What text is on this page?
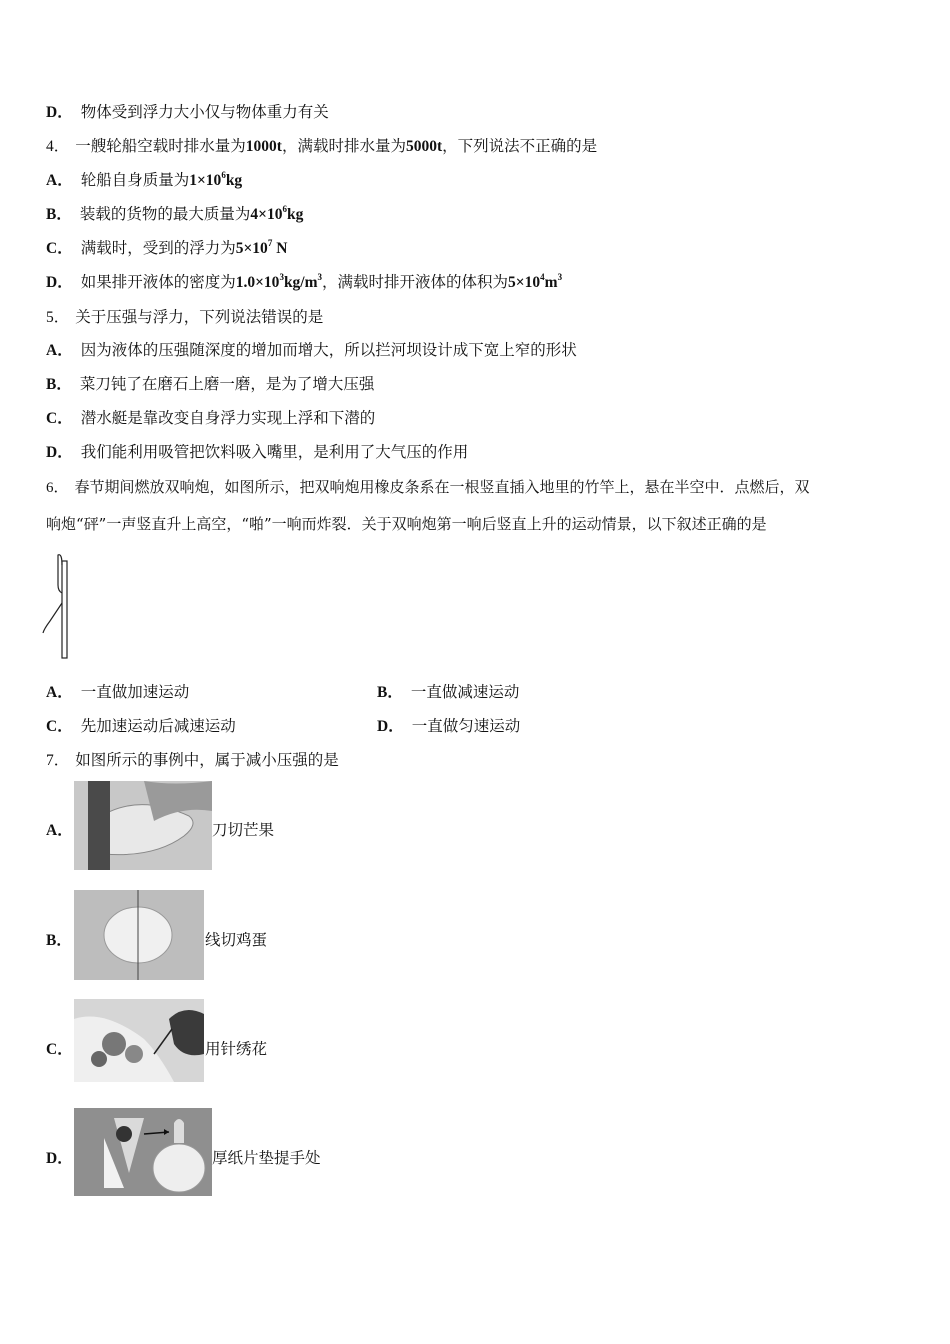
D． 物体受到浮力大小仅与物体重力有关
4． 一艘轮船空载时排水量为1000t，满载时排水量为5000t，下列说法不正确的是
A． 轮船自身质量为$1\times 10^6kg$
B． 装载的货物的最大质量为$4\times 10^6kg$
C． 满载时，受到的浮力为$5\times 10^7$ N
D． 如果排开液体的密度为$1.0\times 10^3kg/m^3$，满载时排开液体的体积为$5\times 10^4m^3$
5． 关于压强与浮力，下列说法错误的是
A． 因为液体的压强随深度的增加而增大，所以拦河坝设计成下宽上窄的形状
B． 菜刀钝了在磨石上磨一磨，是为了增大压强
C． 潜水艇是靠改变自身浮力实现上浮和下潜的
D． 我们能利用吸管把饮料吸入嘴里，是利用了大气压的作用
6． 春节期间燃放双响炮，如图所示，把双响炮用橡皮条系在一根竖直插入地里的竹竿上，悬在半空中．点燃后，双
响炮“砰”一声竖直升上高空，“啪”一响而炸裂．关于双响炮第一响后竖直上升的运动情景，以下叙述正确的是
A． 一直做加速运动	B． 一直做减速运动
C． 先加速运动后减速运动	D． 一直做匀速运动
7． 如图所示的事例中，属于减小压强的是
A．	刀切芒果
B．	线切鸡蛋
C．	用针绣花
D．	厚纸片垫提手处
